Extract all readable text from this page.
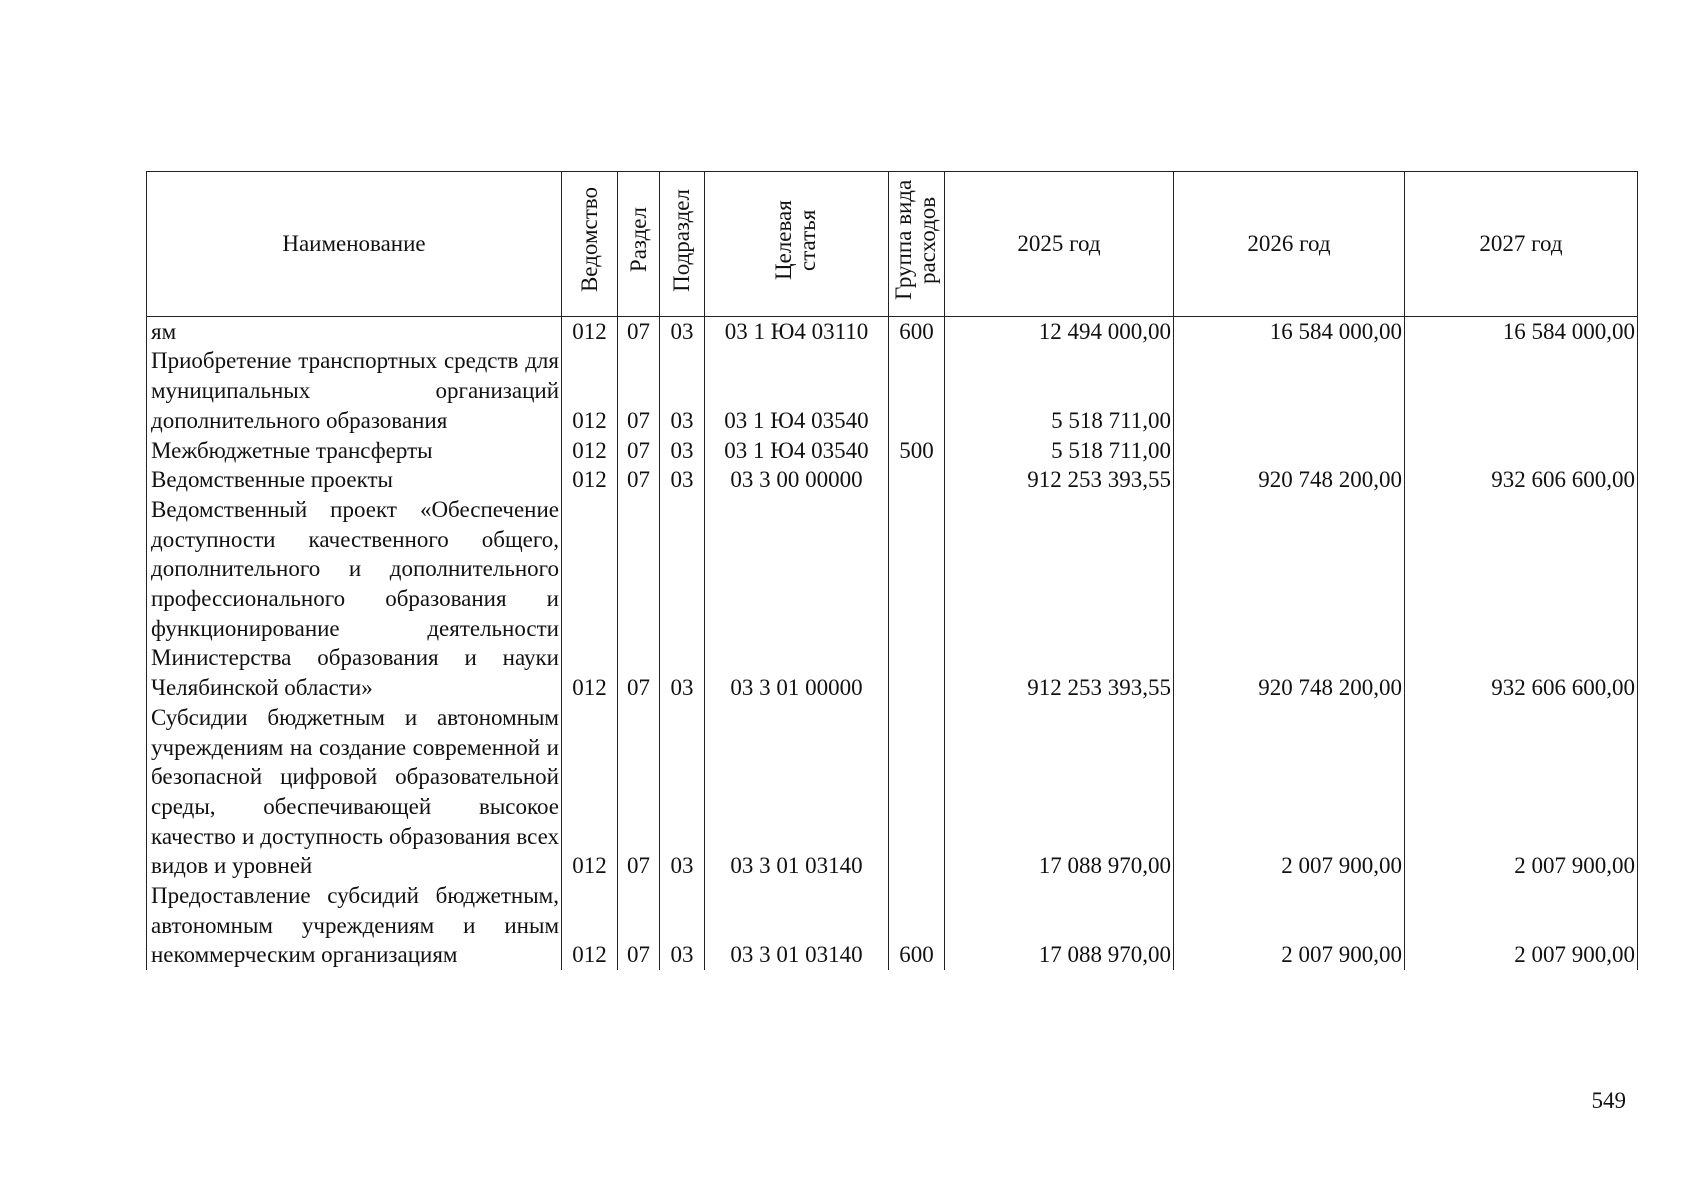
Наименование	Ведомство	Раздел	Подраздел	Целевая статья	Группа вида расходов	2025 год	2026 год	2027 год
ям	012	07	03	03 1 Ю4 03110	600	12 494 000,00	16 584 000,00	16 584 000,00
Приобретение транспортных средств для муниципальных организаций дополнительного образования	012	07	03	03 1 Ю4 03540		5 518 711,00		
Межбюджетные трансферты	012	07	03	03 1 Ю4 03540	500	5 518 711,00		
Ведомственные проекты	012	07	03	03 3 00 00000		912 253 393,55	920 748 200,00	932 606 600,00
Ведомственный проект «Обеспечение доступности качественного общего, дополнительного и дополнительного профессионального образования и функционирование деятельности Министерства образования и науки Челябинской области»	012	07	03	03 3 01 00000		912 253 393,55	920 748 200,00	932 606 600,00
Субсидии бюджетным и автономным учреждениям на создание современной и безопасной цифровой образовательной среды, обеспечивающей высокое качество и доступность образования всех видов и уровней	012	07	03	03 3 01 03140		17 088 970,00	2 007 900,00	2 007 900,00
Предоставление субсидий бюджетным, автономным учреждениям и иным некоммерческим организациям	012	07	03	03 3 01 03140	600	17 088 970,00	2 007 900,00	2 007 900,00
549
